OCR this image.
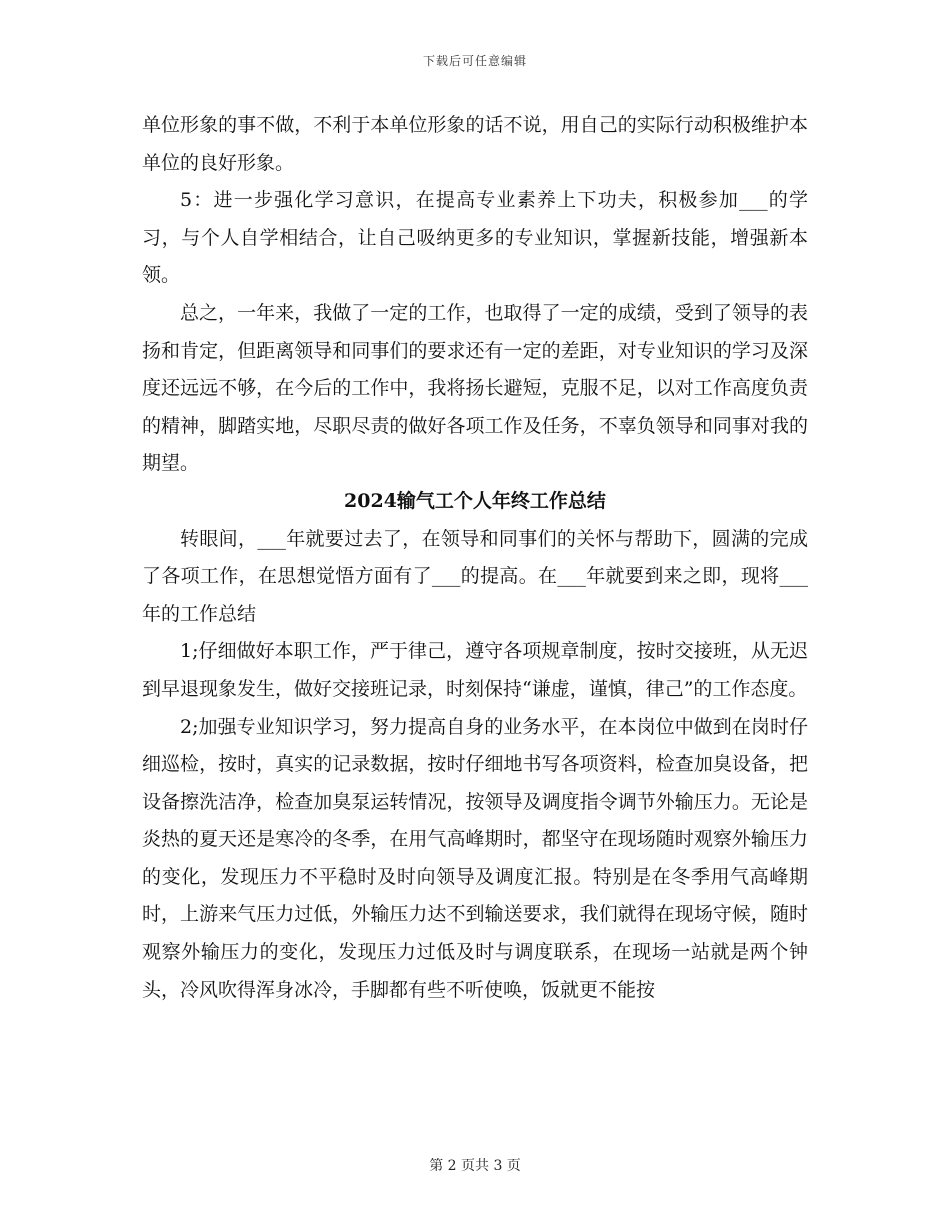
下载后可任意编辑

单位形象的事不做，不利于本单位形象的话不说，用自己的实际行动积极维护本单位的良好形象。

5：进一步强化学习意识，在提高专业素养上下功夫，积极参加___的学习，与个人自学相结合，让自己吸纳更多的专业知识，掌握新技能，增强新本领。

总之，一年来，我做了一定的工作，也取得了一定的成绩，受到了领导的表扬和肯定，但距离领导和同事们的要求还有一定的差距，对专业知识的学习及深度还远远不够，在今后的工作中，我将扬长避短，克服不足，以对工作高度负责的精神，脚踏实地，尽职尽责的做好各项工作及任务，不辜负领导和同事对我的期望。

2024输气工个人年终工作总结

转眼间，___年就要过去了，在领导和同事们的关怀与帮助下，圆满的完成了各项工作，在思想觉悟方面有了___的提高。在___年就要到来之即，现将___年的工作总结

1;仔细做好本职工作，严于律己，遵守各项规章制度，按时交接班，从无迟到早退现象发生，做好交接班记录，时刻保持“谦虚，谨慎，律己”的工作态度。

2;加强专业知识学习，努力提高自身的业务水平，在本岗位中做到在岗时仔细巡检，按时，真实的记录数据，按时仔细地书写各项资料，检查加臭设备，把设备擦洗洁净，检查加臭泵运转情况，按领导及调度指令调节外输压力。无论是炎热的夏天还是寒冷的冬季，在用气高峰期时，都坚守在现场随时观察外输压力的变化，发现压力不平稳时及时向领导及调度汇报。特别是在冬季用气高峰期时，上游来气压力过低，外输压力达不到输送要求，我们就得在现场守候，随时观察外输压力的变化，发现压力过低及时与调度联系，在现场一站就是两个钟头，冷风吹得浑身冰冷，手脚都有些不听使唤，饭就更不能按

第 2 页共 3 页
